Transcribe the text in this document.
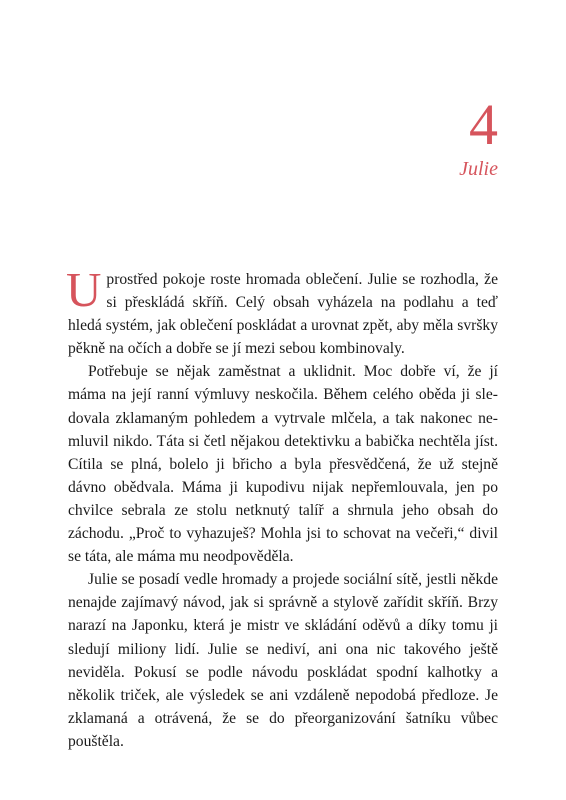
4
Julie

Uprostřed pokoje roste hromada oblečení. Julie se rozhodla, že si přeskládá skříň. Celý obsah vyházela na podlahu a teď hledá systém, jak oblečení poskládat a urovnat zpět, aby měla svršky pěkně na očích a dobře se jí mezi sebou kombinovaly.

Potřebuje se nějak zaměstnat a uklidnit. Moc dobře ví, že jí máma na její ranní výmluvy neskočila. Během celého oběda ji sledovala zklamaným pohledem a vytrvale mlčela, a tak nakonec nemluvil nikdo. Táta si četl nějakou detektivku a babička nechtěla jíst. Cítila se plná, bolelo ji břicho a byla přesvědčená, že už stejně dávno obědvala. Máma ji kupodivu nijak nepřemlouvala, jen po chvilce sebrala ze stolu netknutý talíř a shrnula jeho obsah do záchodu. „Proč to vyhazuješ? Mohla jsi to schovat na večeři,“ divil se táta, ale máma mu neodpověděla.

Julie se posadí vedle hromady a projede sociální sítě, jestli někde nenajde zajímavý návod, jak si správně a stylově zařídit skříň. Brzy narazí na Japonku, která je mistr ve skládání oděvů a díky tomu ji sledují miliony lidí. Julie se nediví, ani ona nic takového ještě neviděla. Pokusí se podle návodu poskládat spodní kalhotky a několik triček, ale výsledek se ani vzdáleně nepodobá předloze. Je zklamaná a otrávená, že se do přeorganizování šatníku vůbec pouštěla.
